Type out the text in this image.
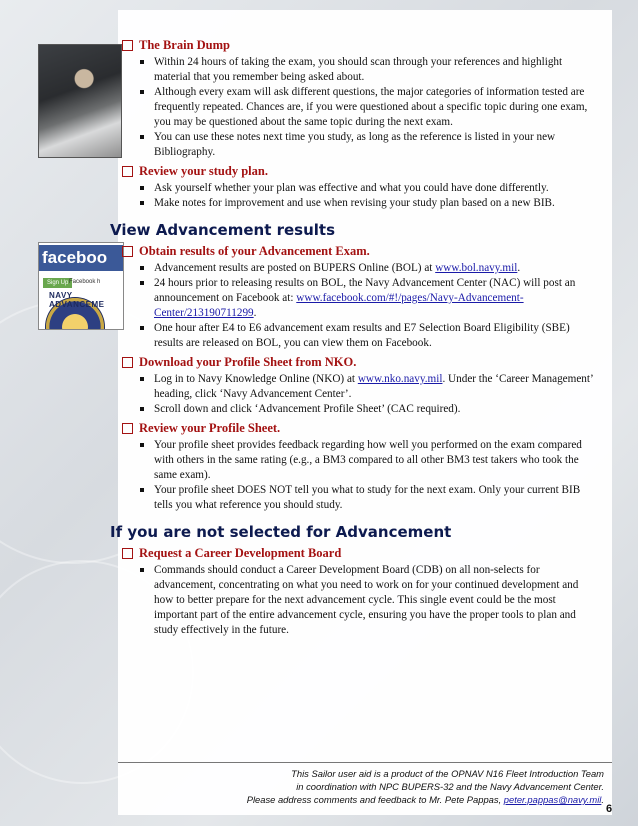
faceboo
Sign Up Facebook h
NAVY ADVANCEME
The Brain Dump
Within 24 hours of taking the exam, you should scan through your references and highlight material that you remember being asked about.
Although every exam will ask different questions, the major categories of information tested are frequently repeated. Chances are, if you were questioned about a specific topic during one exam, you may be questioned about the same topic during the next exam.
You can use these notes next time you study, as long as the reference is listed in your new Bibliography.
Review your study plan.
Ask yourself whether your plan was effective and what you could have done differently.
Make notes for improvement and use when revising your study plan based on a new BIB.
View Advancement results
Obtain results of your Advancement Exam.
Advancement results are posted on BUPERS Online (BOL) at www.bol.navy.mil.
24 hours prior to releasing results on BOL, the Navy Advancement Center (NAC) will post an announcement on Facebook at: www.facebook.com/#!/pages/Navy-Advancement-Center/213190711299.
One hour after E4 to E6 advancement exam results and E7 Selection Board Eligibility (SBE) results are released on BOL, you can view them on Facebook.
Download your Profile Sheet from NKO.
Log in to Navy Knowledge Online (NKO) at www.nko.navy.mil. Under the ‘Career Management’ heading, click ‘Navy Advancement Center’.
Scroll down and click ‘Advancement Profile Sheet’ (CAC required).
Review your Profile Sheet.
Your profile sheet provides feedback regarding how well you performed on the exam compared with others in the same rating (e.g., a BM3 compared to all other BM3 test takers who took the same exam).
Your profile sheet DOES NOT tell you what to study for the next exam. Only your current BIB tells you what reference you should study.
If you are not selected for Advancement
Request a Career Development Board
Commands should conduct a Career Development Board (CDB) on all non-selects for advancement, concentrating on what you need to work on for your continued development and how to better prepare for the next advancement cycle. This single event could be the most important part of the entire advancement cycle, ensuring you have the proper tools to plan and study effectively in the future.
This Sailor user aid is a product of the OPNAV N16 Fleet Introduction Team
in coordination with NPC BUPERS-32 and the Navy Advancement Center.
Please address comments and feedback to Mr. Pete Pappas, peter.pappas@navy.mil.
6
